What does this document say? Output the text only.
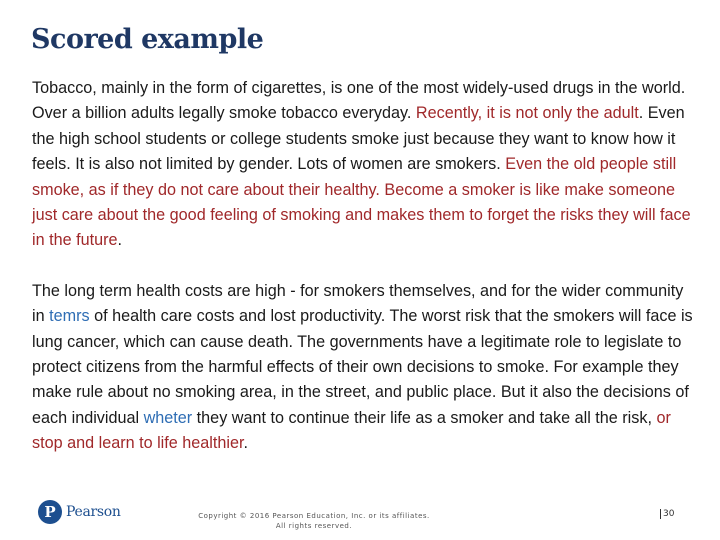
Scored example

Tobacco, mainly in the form of cigarettes, is one of the most widely-used drugs in the world. Over a billion adults legally smoke tobacco everyday. Recently, it is not only the adult. Even the high school students or college students smoke just because they want to know how it feels. It is also not limited by gender. Lots of women are smokers. Even the old people still smoke, as if they do not care about their healthy. Become a smoker is like make someone just care about the good feeling of smoking and makes them to forget the risks they will face in the future.

The long term health costs are high - for smokers themselves, and for the wider community in temrs of health care costs and lost productivity. The worst risk that the smokers will face is lung cancer, which can cause death. The governments have a legitimate role to legislate to protect citizens from the harmful effects of their own decisions to smoke. For example they make rule about no smoking area, in the street, and public place. But it also the decisions of each individual wheter they want to continue their life as a smoker and take all the risk, or stop and learn to life healthier.

P Pearson	Copyright © 2016 Pearson Education, Inc. or its affiliates.
All rights reserved.
30
